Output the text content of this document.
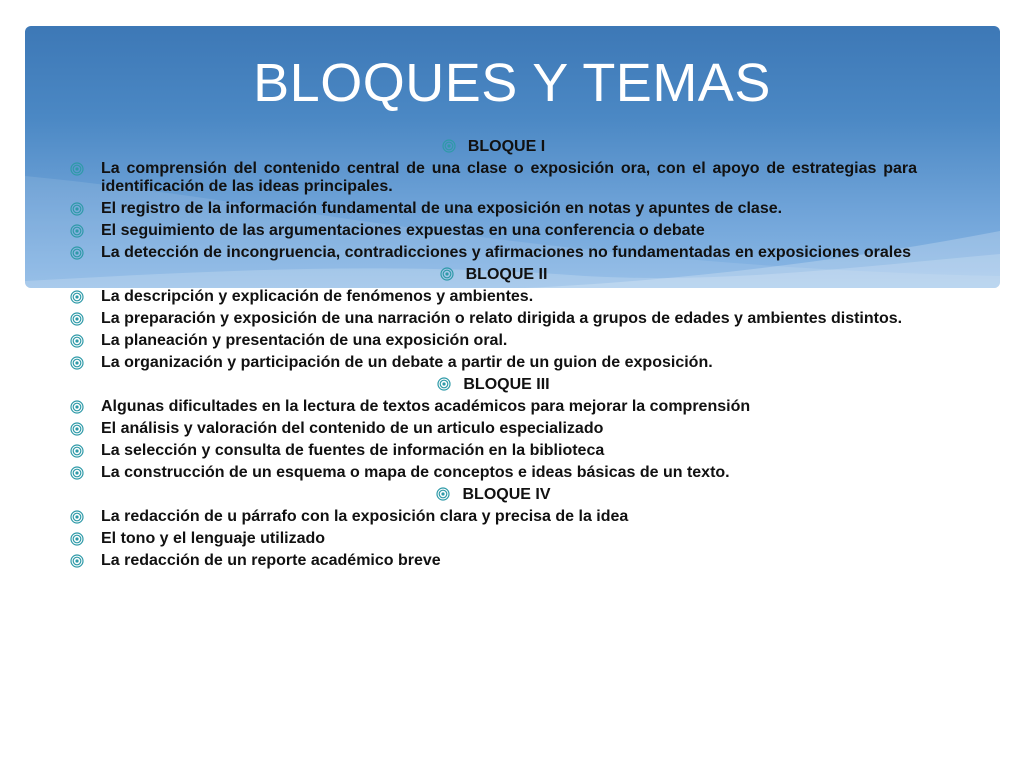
BLOQUES Y TEMAS
BLOQUE I
La comprensión del contenido central de una clase o exposición ora, con el apoyo de estrategias para identificación de las ideas principales.
El registro de la información fundamental de una exposición en notas y apuntes de clase.
El seguimiento de las argumentaciones expuestas en una conferencia o debate
La detección de incongruencia, contradicciones y afirmaciones no fundamentadas en exposiciones orales
BLOQUE II
La descripción y explicación de fenómenos y ambientes.
La preparación y exposición de una narración o relato dirigida a grupos de edades y ambientes distintos.
La planeación y presentación de una exposición oral.
La organización y participación de un debate a partir de un guion de exposición.
BLOQUE III
Algunas dificultades en la lectura de textos académicos para mejorar la comprensión
El análisis y valoración del contenido de un articulo especializado
La selección y consulta de fuentes de información en la biblioteca
La construcción de un esquema o mapa de conceptos e ideas básicas de un texto.
BLOQUE IV
La redacción de u párrafo con la exposición clara y precisa de la idea
El tono y el lenguaje utilizado
La redacción de un reporte académico breve
